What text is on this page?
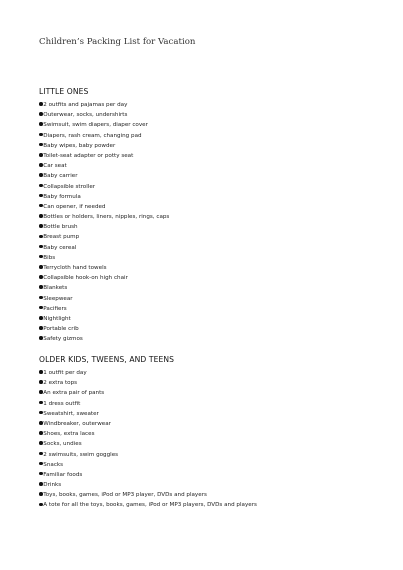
Children’s Packing List for Vacation
LITTLE ONES
2 outfits and pajamas per day
Outerwear, socks, undershirts
Swimsuit, swim diapers, diaper cover
Diapers, rash cream, changing pad
Baby wipes, baby powder
Toilet-seat adapter or potty seat
Car seat
Baby carrier
Collapsible stroller
Baby formula
Can opener, if needed
Bottles or holders, liners, nipples, rings, caps
Bottle brush
Breast pump
Baby cereal
Bibs
Terrycloth hand towels
Collapsible hook-on high chair
Blankets
Sleepwear
Pacifiers
Nightlight
Portable crib
Safety gizmos
OLDER KIDS, TWEENS, AND TEENS
1 outfit per day
2 extra tops
An extra pair of pants
1 dress outfit
Sweatshirt, sweater
Windbreaker, outerwear
Shoes, extra laces
Socks, undies
2 swimsuits, swim goggles
Snacks
Familiar foods
Drinks
Toys, books, games, iPod or MP3 player, DVDs and players
A tote for all the toys, books, games, iPod or MP3 players, DVDs and players
